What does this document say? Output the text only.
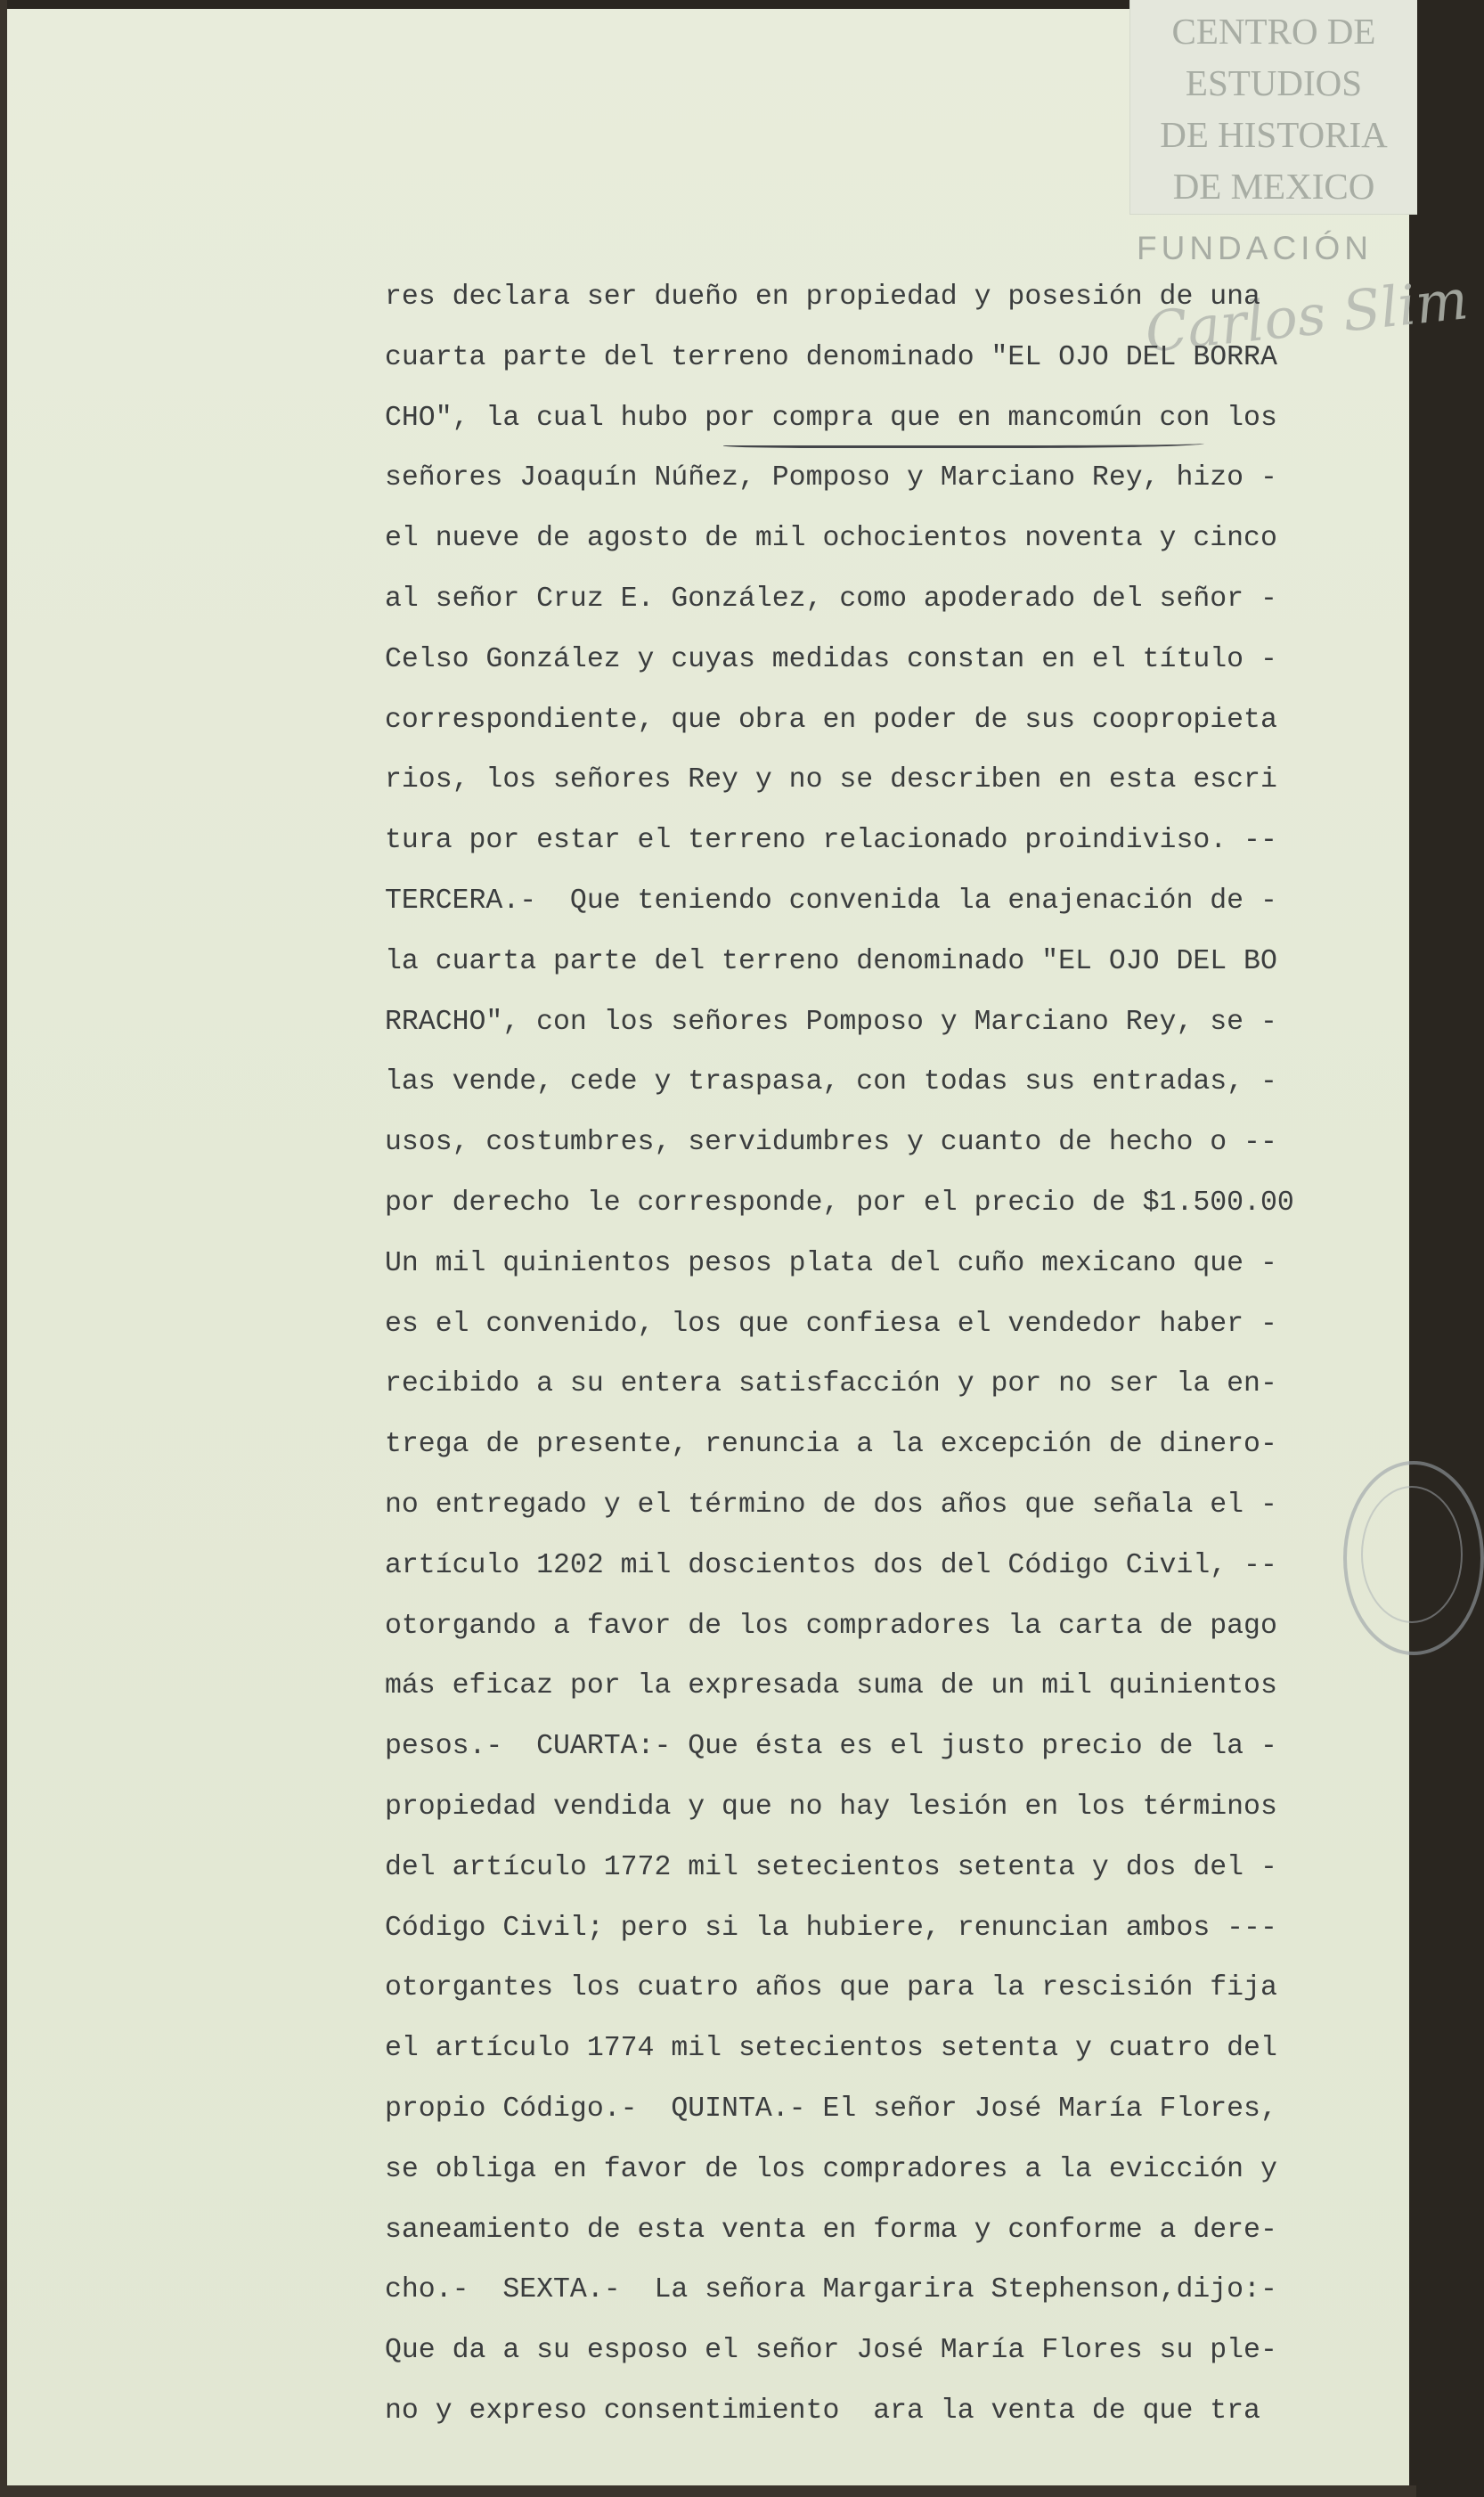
CENTRO DE
ESTUDIOS
DE HISTORIA
DE MEXICO
FUNDACIÓN
Carlos Slim
res declara ser dueño en propiedad y posesión de una
cuarta parte del terreno denominado "EL OJO DEL BORRA
CHO", la cual hubo por compra que en mancomún con los
señores Joaquín Núñez, Pomposo y Marciano Rey, hizo -
el nueve de agosto de mil ochocientos noventa y cinco
al señor Cruz E. González, como apoderado del señor -
Celso González y cuyas medidas constan en el título -
correspondiente, que obra en poder de sus coopropieta
rios, los señores Rey y no se describen en esta escri
tura por estar el terreno relacionado proindiviso. --
TERCERA.-  Que teniendo convenida la enajenación de -
la cuarta parte del terreno denominado "EL OJO DEL BO
RRACHO", con los señores Pomposo y Marciano Rey, se -
las vende, cede y traspasa, con todas sus entradas, -
usos, costumbres, servidumbres y cuanto de hecho o --
por derecho le corresponde, por el precio de $1.500.00
Un mil quinientos pesos plata del cuño mexicano que -
es el convenido, los que confiesa el vendedor haber -
recibido a su entera satisfacción y por no ser la en-
trega de presente, renuncia a la excepción de dinero-
no entregado y el término de dos años que señala el -
artículo 1202 mil doscientos dos del Código Civil, --
otorgando a favor de los compradores la carta de pago
más eficaz por la expresada suma de un mil quinientos
pesos.-  CUARTA:- Que ésta es el justo precio de la -
propiedad vendida y que no hay lesión en los términos
del artículo 1772 mil setecientos setenta y dos del -
Código Civil; pero si la hubiere, renuncian ambos ---
otorgantes los cuatro años que para la rescisión fija
el artículo 1774 mil setecientos setenta y cuatro del
propio Código.-  QUINTA.- El señor José María Flores,
se obliga en favor de los compradores a la evicción y
saneamiento de esta venta en forma y conforme a dere-
cho.-  SEXTA.-  La señora Margarira Stephenson,dijo:-
Que da a su esposo el señor José María Flores su ple-
no y expreso consentimiento  ara la venta de que tra
